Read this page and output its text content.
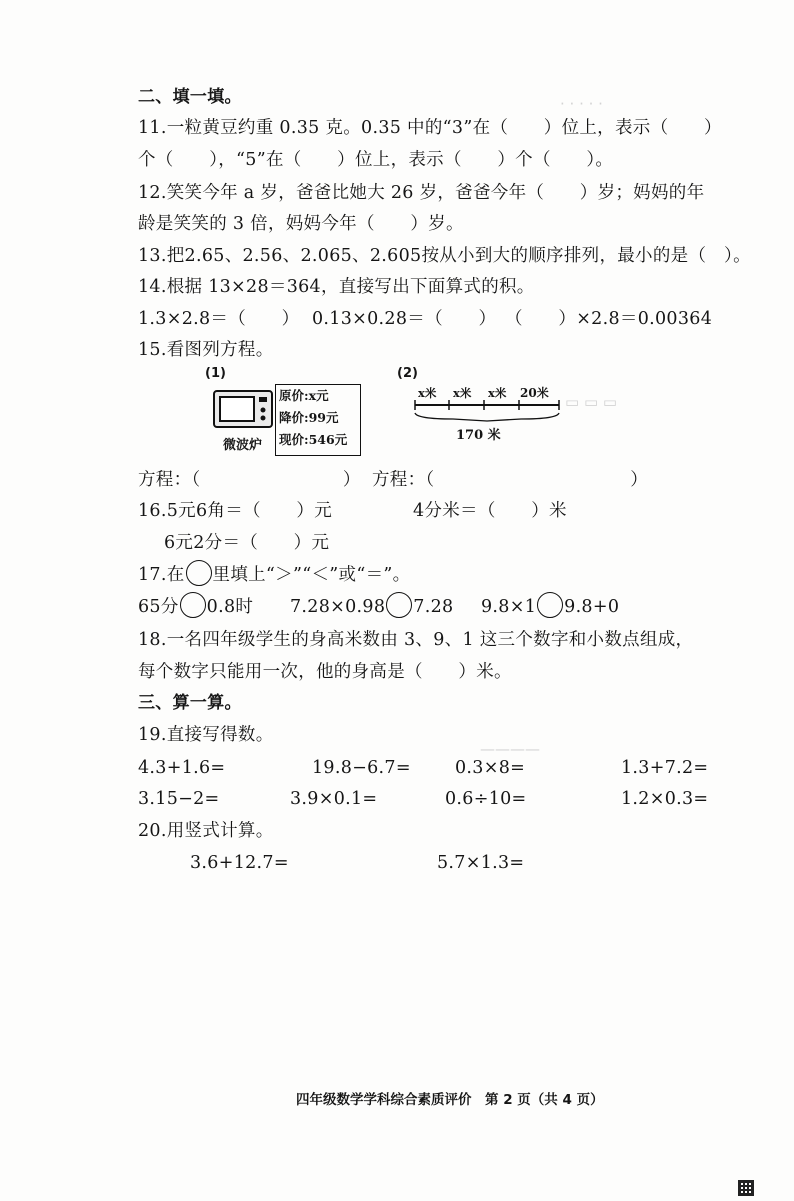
· · · · ·
▭ ▭ ▭
————
二、填一填。
11.一粒黄豆约重 0.35 克。0.35 中的“3”在（　　）位上，表示（　　）
个（　　），“5”在（　　）位上，表示（　　）个（　　）。
12.笑笑今年 a 岁，爸爸比她大 26 岁，爸爸今年（　　）岁；妈妈的年
龄是笑笑的 3 倍，妈妈今年（　　）岁。
13.把2.65、2.56、2.065、2.605按从小到大的顺序排列，最小的是（　）。
14.根据 13×28＝364，直接写出下面算式的积。
1.3×2.8＝（　　） 0.13×0.28＝（　　） （　　）×2.8＝0.00364
15.看图列方程。
(1)
微波炉
原价:x元
降价:99元
现价:546元
(2)
x米 x米 x米 20米
170 米
方程：（　　　　　　　　） 方程：（　　　　　　　　　　　）
16.5元6角＝（　　）元	4分米＝（　　）米
6元2分＝（　　）元
17.在 里填上“＞”“＜”或“＝”。
65分 0.8时 7.28×0.98 7.28 9.8×1 9.8+0
18.一名四年级学生的身高米数由 3、9、1 这三个数字和小数点组成，
每个数字只能用一次，他的身高是（　　）米。
三、算一算。
19.直接写得数。
4.3+1.6=	19.8−6.7=	0.3×8=	1.3+7.2=
3.15−2=	3.9×0.1=	0.6÷10=	1.2×0.3=
20.用竖式计算。
3.6+12.7=	5.7×1.3=
四年级数学学科综合素质评价　第 2 页（共 4 页）
